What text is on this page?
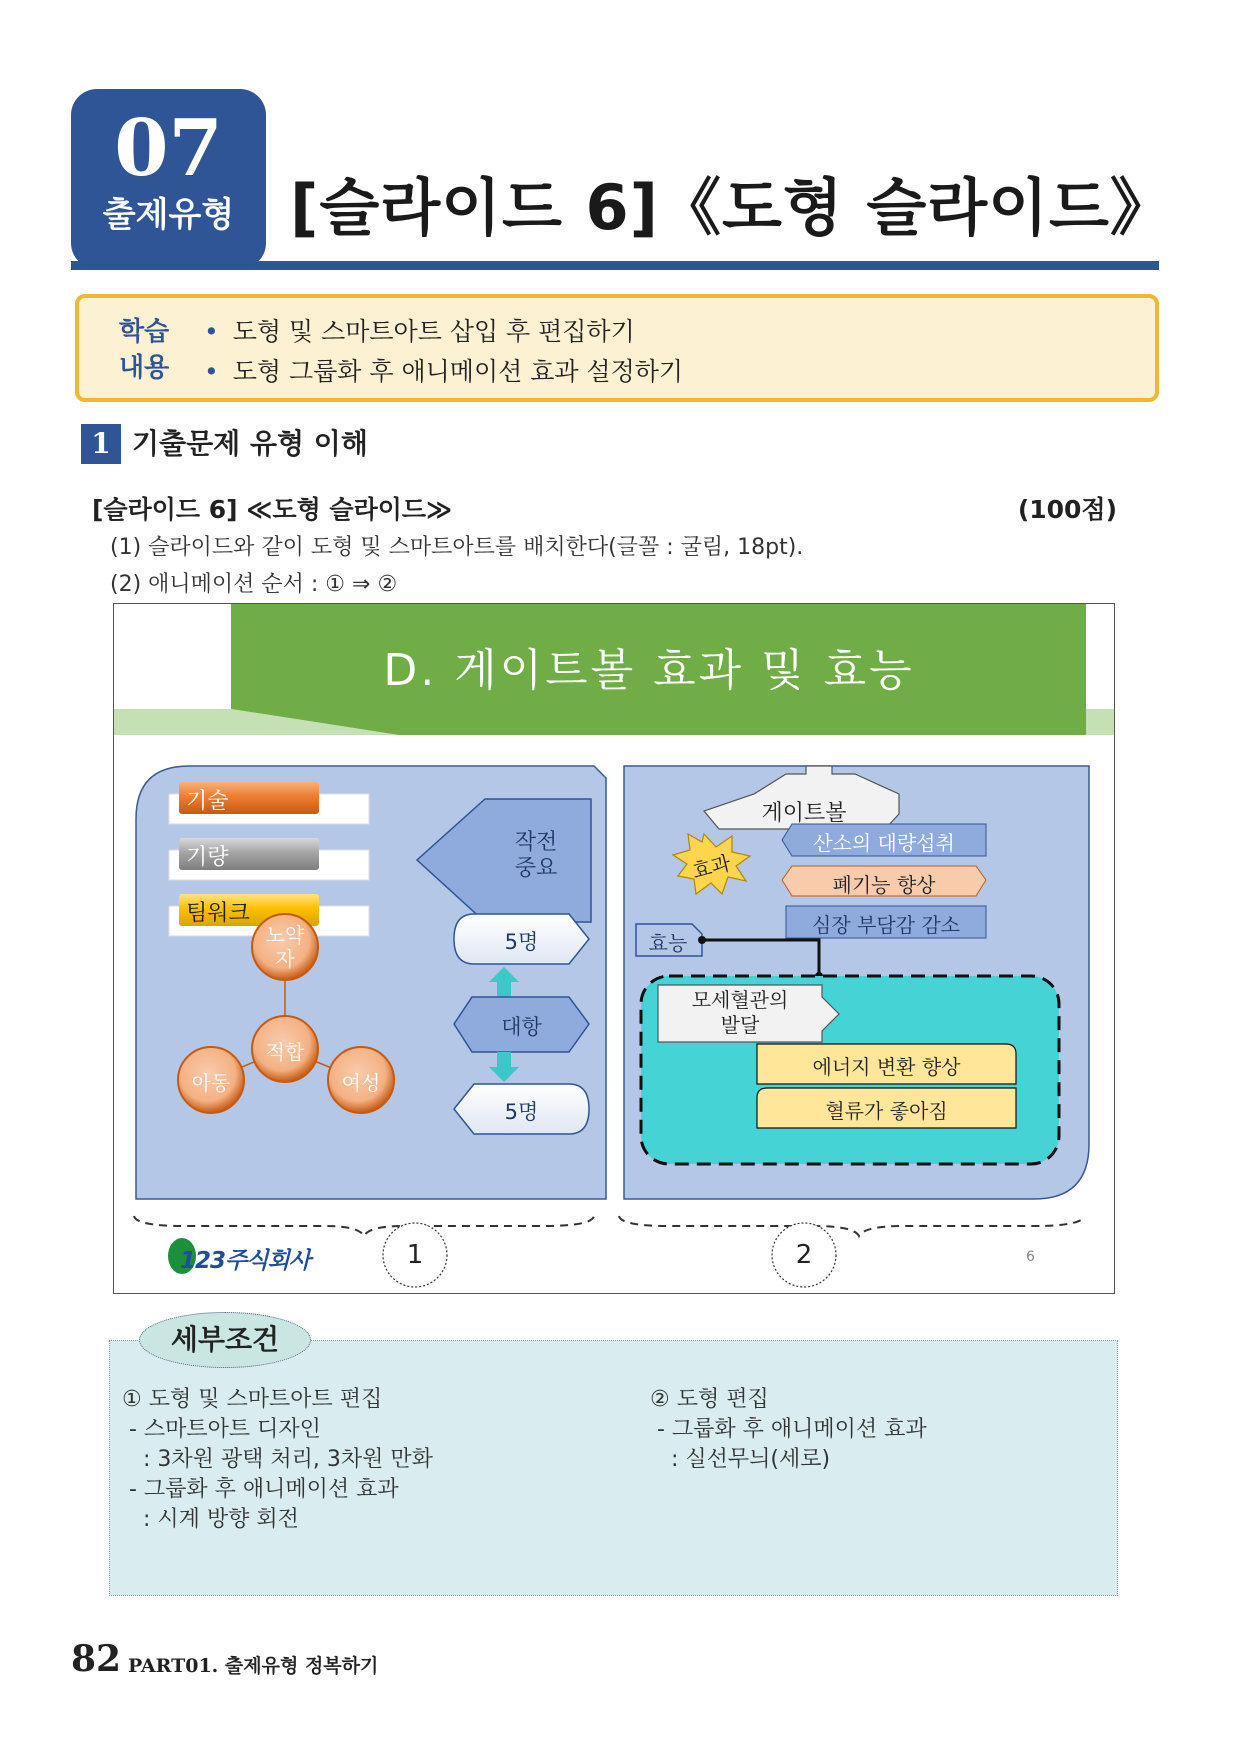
07
출제유형 [슬라이드 6]《도형 슬라이드》
학습
내용
• 도형 및 스마트아트 삽입 후 편집하기
• 도형 그룹화 후 애니메이션 효과 설정하기
1 기출문제 유형 이해
[슬라이드 6] ≪도형 슬라이드≫	(100점)
(1) 슬라이드와 같이 도형 및 스마트아트를 배치한다(글꼴 : 굴림, 18pt).
(2) 애니메이션 순서 : ① ⇒ ②
D. 게이트볼 효과 및 효능
기술
기량
팀워크
작전
중요
노약
자
적합
아동	여성
5명
대항
5명
게이트볼
효과
산소의 대량섭취
폐기능 향상
심장 부담감 감소
효능
모세혈관의
발달
에너지 변환 향상
혈류가 좋아짐
1	2
123주식회사	6
세부조건
① 도형 및 스마트아트 편집
- 스마트아트 디자인
: 3차원 광택 처리, 3차원 만화
- 그룹화 후 애니메이션 효과
: 시계 방향 회전
② 도형 편집
- 그룹화 후 애니메이션 효과
: 실선무늬(세로)
82 PART01. 출제유형 정복하기
